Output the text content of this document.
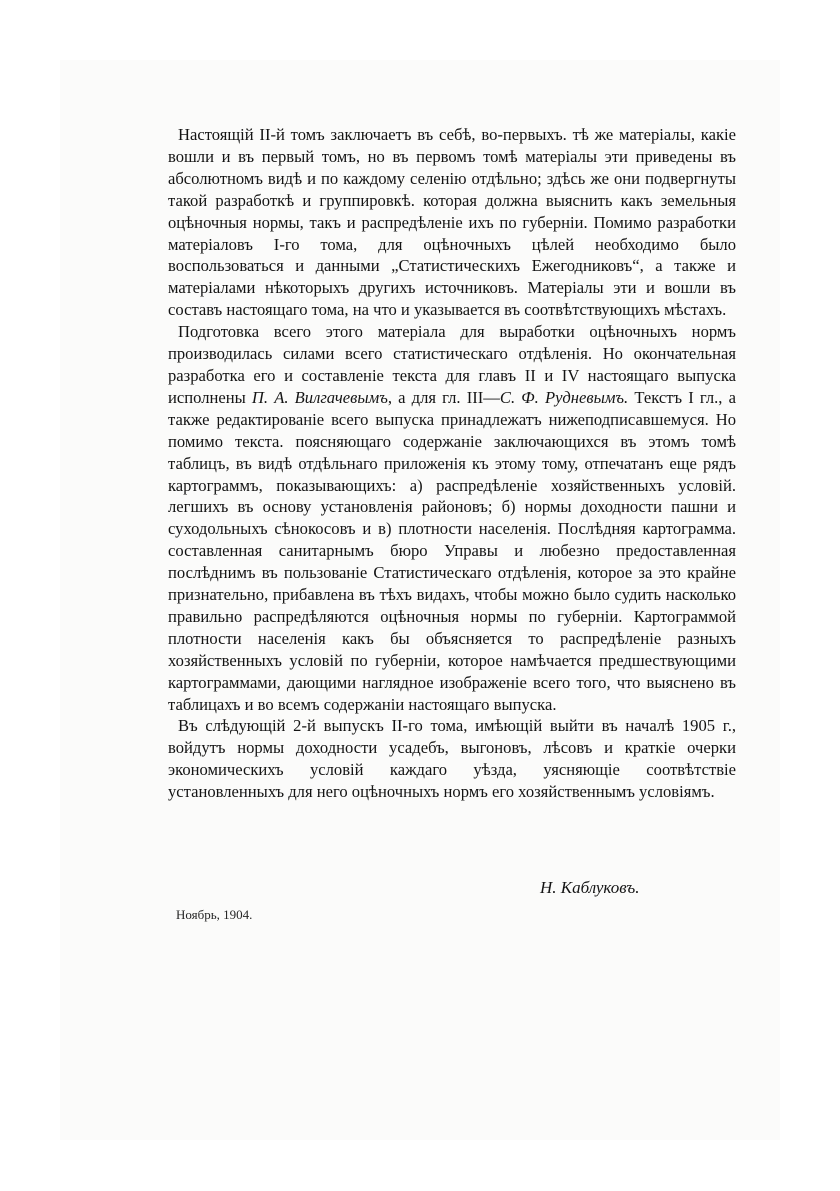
Настоящій II-й томъ заключаетъ въ себѣ, во-первыхъ. тѣ же матеріалы, какіе вошли и въ первый томъ, но въ первомъ томѣ матеріалы эти приведены въ абсолютномъ видѣ и по каждому селенію отдѣльно; здѣсь же они подвергнуты такой разработкѣ и группировкѣ. которая должна выяснить какъ земельныя оцѣночныя нормы, такъ и распредѣленіе ихъ по губерніи. Помимо разработки матеріаловъ I-го тома, для оцѣночныхъ цѣлей необходимо было воспользоваться и данными „Статистическихъ Ежегодниковъ“, а также и матеріалами нѣкоторыхъ другихъ источниковъ. Матеріалы эти и вошли въ составъ настоящаго тома, на что и указывается въ соотвѣтствующихъ мѣстахъ.

Подготовка всего этого матеріала для выработки оцѣночныхъ нормъ производилась силами всего статистическаго отдѣленія. Но окончательная разработка его и составленіе текста для главъ II и IV настоящаго выпуска исполнены П. А. Вилгачевымъ, а для гл. III—С. Ф. Рудневымъ. Текстъ I гл., а также редактированіе всего выпуска принадлежатъ нижеподписавшемуся. Но помимо текста. поясняющаго содержаніе заключающихся въ этомъ томѣ таблицъ, въ видѣ отдѣльнаго приложенія къ этому тому, отпечатанъ еще рядъ картограммъ, показывающихъ: а) распредѣленіе хозяйственныхъ условій. легшихъ въ основу установленія районовъ; б) нормы доходности пашни и суходольныхъ сѣнокосовъ и в) плотности населенія. Послѣдняя картограмма. составленная санитарнымъ бюро Управы и любезно предоставленная послѣднимъ въ пользованіе Статистическаго отдѣленія, которое за это крайне признательно, прибавлена въ тѣхъ видахъ, чтобы можно было судить насколько правильно распредѣляются оцѣночныя нормы по губерніи. Картограммой плотности населенія какъ бы объясняется то распредѣленіе разныхъ хозяйственныхъ условій по губерніи, которое намѣчается предшествующими картограммами, дающими наглядное изображеніе всего того, что выяснено въ таблицахъ и во всемъ содержаніи настоящаго выпуска.

Въ слѣдующій 2-й выпускъ II-го тома, имѣющій выйти въ началѣ 1905 г., войдутъ нормы доходности усадебъ, выгоновъ, лѣсовъ и краткіе очерки экономическихъ условій каждаго уѣзда, уясняющіе соотвѣтствіе установленныхъ для него оцѣночныхъ нормъ его хозяйственнымъ условіямъ.

Н. Каблуковъ.
Ноябрь, 1904.
